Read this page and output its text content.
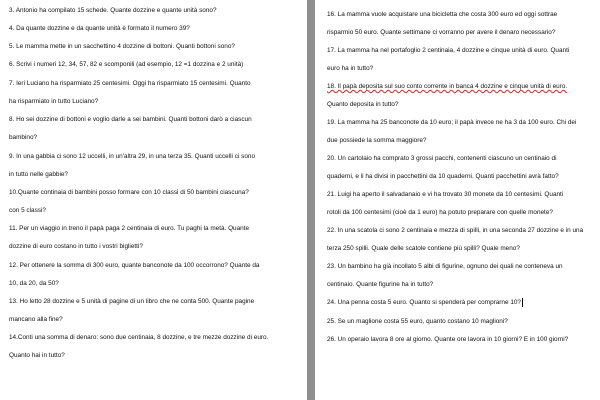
3. Antonio ha compilato 15 schede. Quante dozzine e quante unità sono?
4. Da quante dozzine e da quante unità è formato il numero 39?
5. Le mamma mette in un sacchettino 4 dozzine di bottoni. Quanti bottoni sono?
6. Scrivi i numeri 12, 34, 57, 82 e scomponili (ad esempio, 12 =1 dozzina e 2 unità)
7. Ieri Luciano ha risparmiato 25 centesimi. Oggi ha risparmiato 15 centesimi. Quanto
ha risparmiato in tutto Luciano?
8. Ho sei dozzine di bottoni e voglio darle a sei bambini. Quanti bottoni darò a ciascun
bambino?
9. In una gabbia ci sono 12 uccelli, in un'altra 29, in una terza 35. Quanti uccelli ci sono
in tutto nelle gabbie?
10.Quante continaia di bambini posso formare con 10 classi di 50 bambini ciascuna?
con 5 classi?
11. Per un viaggio in treno il papà paga 2 centinaia di euro. Tu paghi la metà. Quante
dozzine di euro costano in tutto i vostri biglietti?
12. Per ottenere la somma di 300 euro, quante banconote da 100 occorrono? Quante da
10, da 20, da 50?
13. Ho letto 28 dozzine e 5 unità di pagine di un libro che ne conta 500. Quante pagine
mancano alla fine?
14.Conti una somma di denaro: sono due centinaia, 8 dozzine, e tre mezze dozzine di euro.
Quanto hai in tutto?
16. La mamma vuole acquistare una bicicletta che costa 300 euro ed oggi sottrae
risparmio 50 euro. Quante settimane ci vorranno per avere il denaro necessario?
17. La mamma ha nel portafoglio 2 centinaia, 4 dozzine e cinque unità di euro. Quanti
euro ha in tutto?
18. Il papà deposita sul suo conto corrente in banca 4 dozzine e cinque unità di euro.
Quanto deposita in tutto?
19. La mamma ha 25 banconote da 10 euro; il papà invece ne ha 3 da 100 euro. Chi dei
due possiede la somma maggiore?
20. Un cartolaio ha comprato 3 grossi pacchi, contenenti ciascuno un centinaio di
quaderni, e li ha divisi in pacchettini da 10 quaderni. Quanti pacchettini avrà fatto?
21. Luigi ha aperto il salvadanaio e vi ha trovato 30 monete da 10 centesimi. Quanti
rotoli da 100 centesimi (cioè da 1 euro) ha potuto preparare con quelle monete?
22. In una scatola ci sono 2 centinaia e mezza di spilli, in una seconda 27 dozzine e in una
terza 250 spilli. Quale delle scatole contiene più spilli? Quale meno?
23. Un bambino ha già incollato 5 albi di figurine, ognuno dei quali ne conteneva un
centinaio. Quante figurine ha in tutto?
24. Una penna costa 5 euro. Quanto si spenderà per comprarne 10?
25. Se un maglione costa 55 euro, quanto costano 10 maglioni?
26. Un operaio lavora 8 ore al giorno. Quante ore lavora in 10 giorni? E in 100 giorni?
